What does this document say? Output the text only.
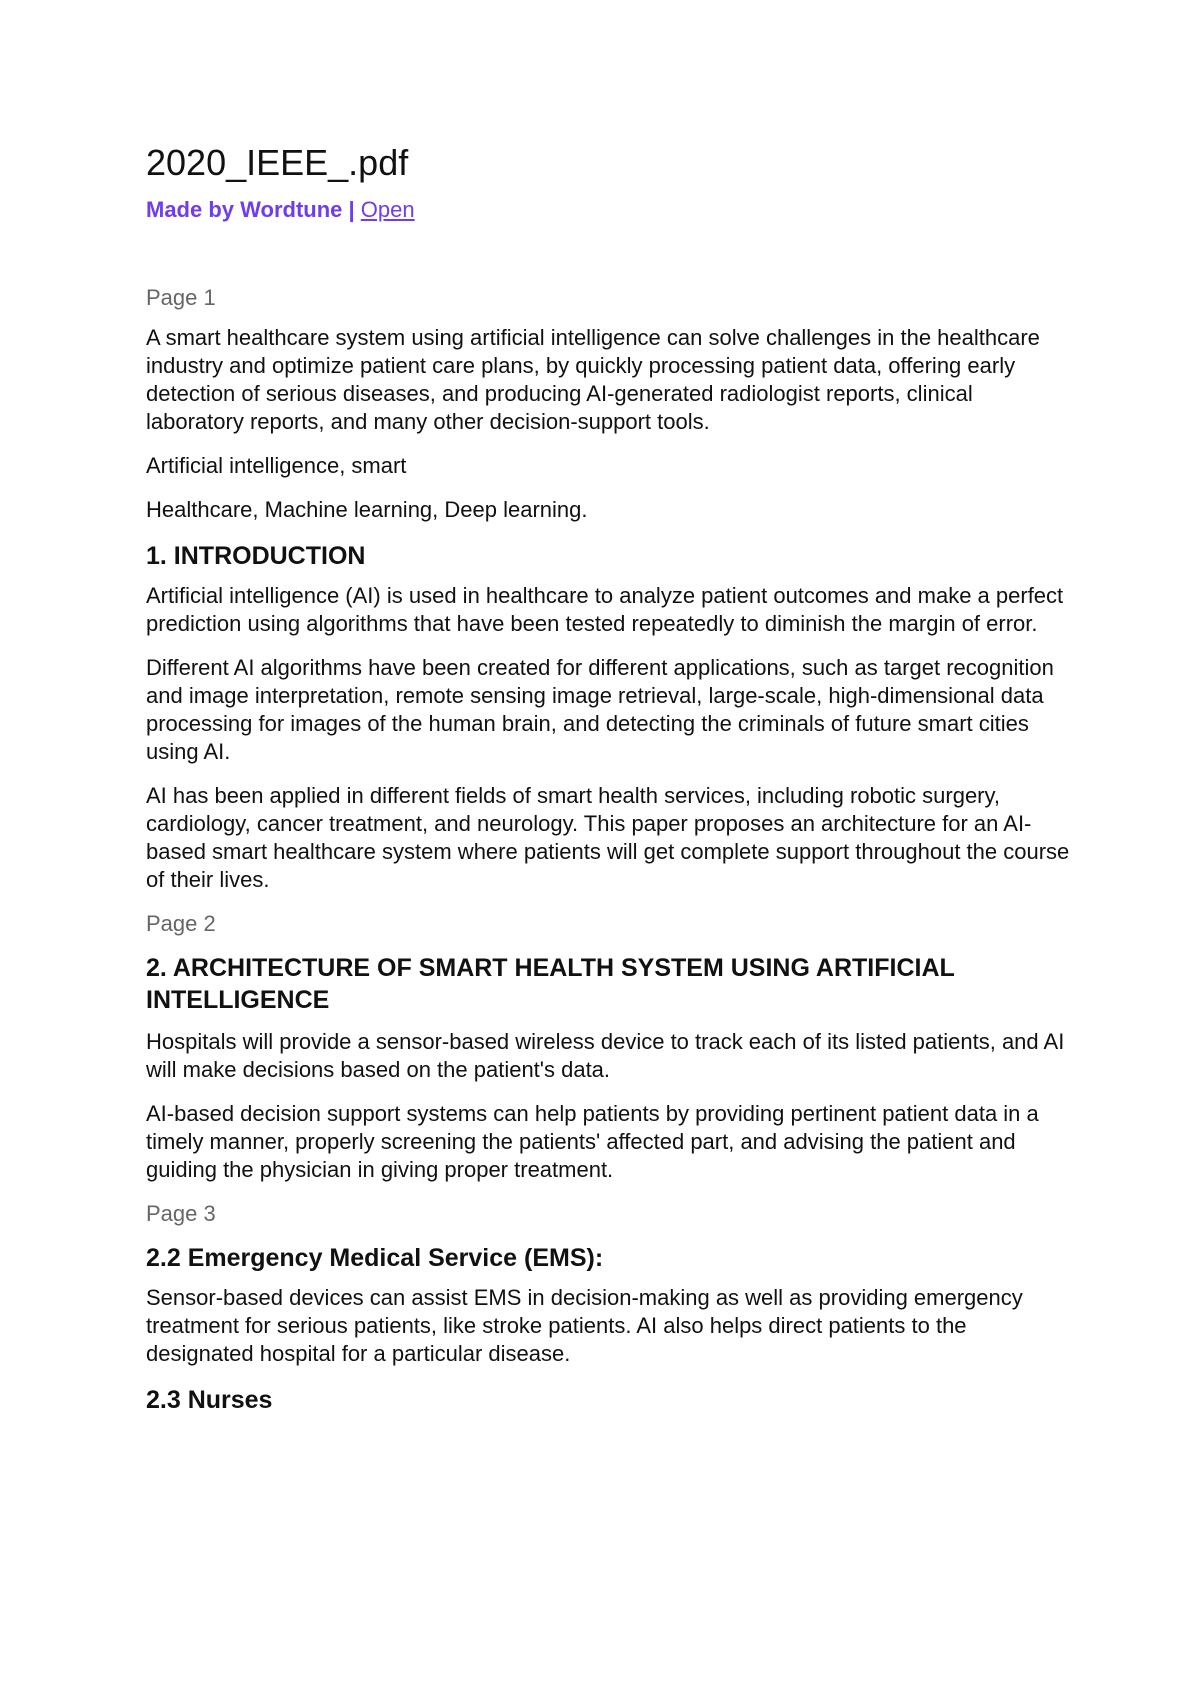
2020_IEEE_.pdf
Made by Wordtune | Open

Page 1

A smart healthcare system using artificial intelligence can solve challenges in the healthcare industry and optimize patient care plans, by quickly processing patient data, offering early detection of serious diseases, and producing AI-generated radiologist reports, clinical laboratory reports, and many other decision-support tools.

Artificial intelligence, smart

Healthcare, Machine learning, Deep learning.

1. INTRODUCTION

Artificial intelligence (AI) is used in healthcare to analyze patient outcomes and make a perfect prediction using algorithms that have been tested repeatedly to diminish the margin of error.

Different AI algorithms have been created for different applications, such as target recognition and image interpretation, remote sensing image retrieval, large-scale, high-dimensional data processing for images of the human brain, and detecting the criminals of future smart cities using AI.

AI has been applied in different fields of smart health services, including robotic surgery, cardiology, cancer treatment, and neurology. This paper proposes an architecture for an AI-based smart healthcare system where patients will get complete support throughout the course of their lives.

Page 2

2. ARCHITECTURE OF SMART HEALTH SYSTEM USING ARTIFICIAL INTELLIGENCE

Hospitals will provide a sensor-based wireless device to track each of its listed patients, and AI will make decisions based on the patient's data.

AI-based decision support systems can help patients by providing pertinent patient data in a timely manner, properly screening the patients' affected part, and advising the patient and guiding the physician in giving proper treatment.

Page 3

2.2 Emergency Medical Service (EMS):

Sensor-based devices can assist EMS in decision-making as well as providing emergency treatment for serious patients, like stroke patients. AI also helps direct patients to the designated hospital for a particular disease.

2.3 Nurses
